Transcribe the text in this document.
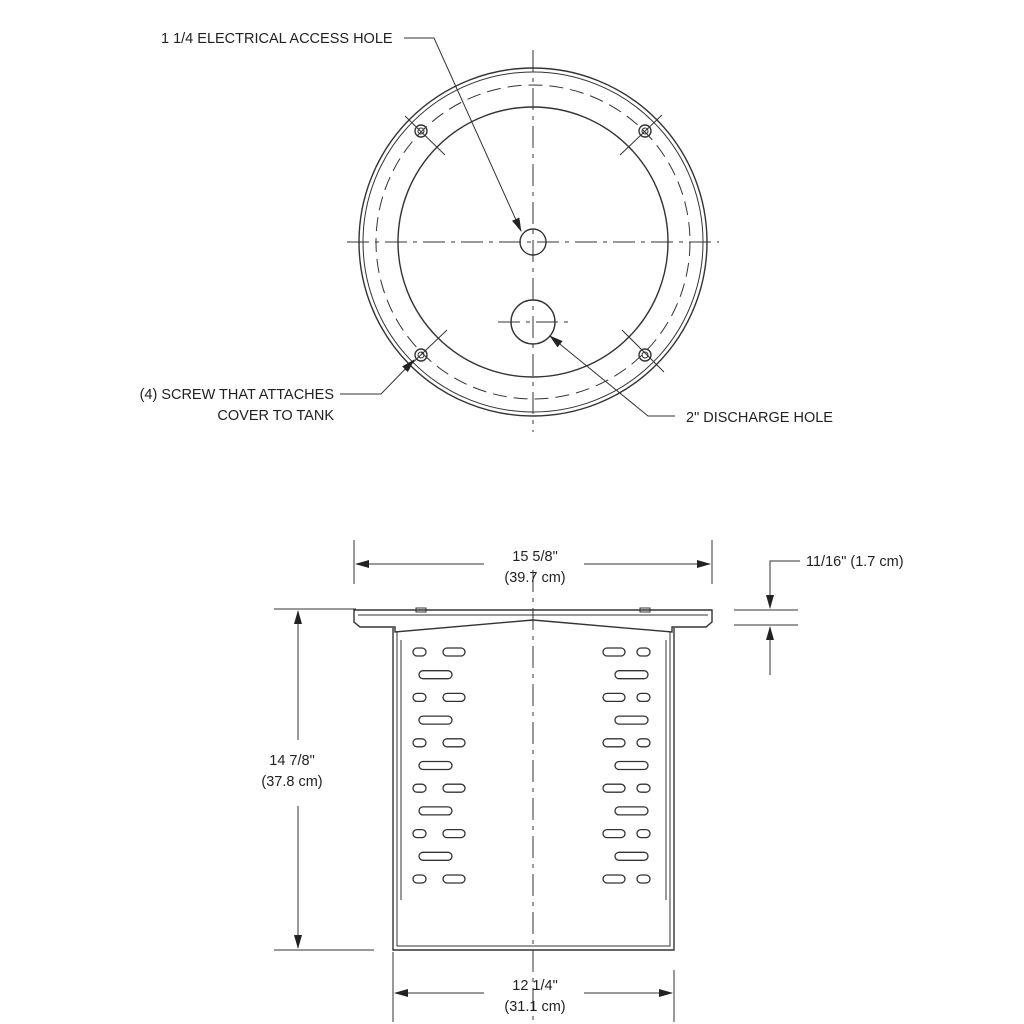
1 1/4 ELECTRICAL ACCESS HOLE
(4) SCREW THAT ATTACHES
COVER TO TANK	2" DISCHARGE HOLE
15 5/8"
(39.7 cm)
14 7/8"
(37.8 cm)
11/16" (1.7 cm)
12 1/4"
(31.1 cm)
